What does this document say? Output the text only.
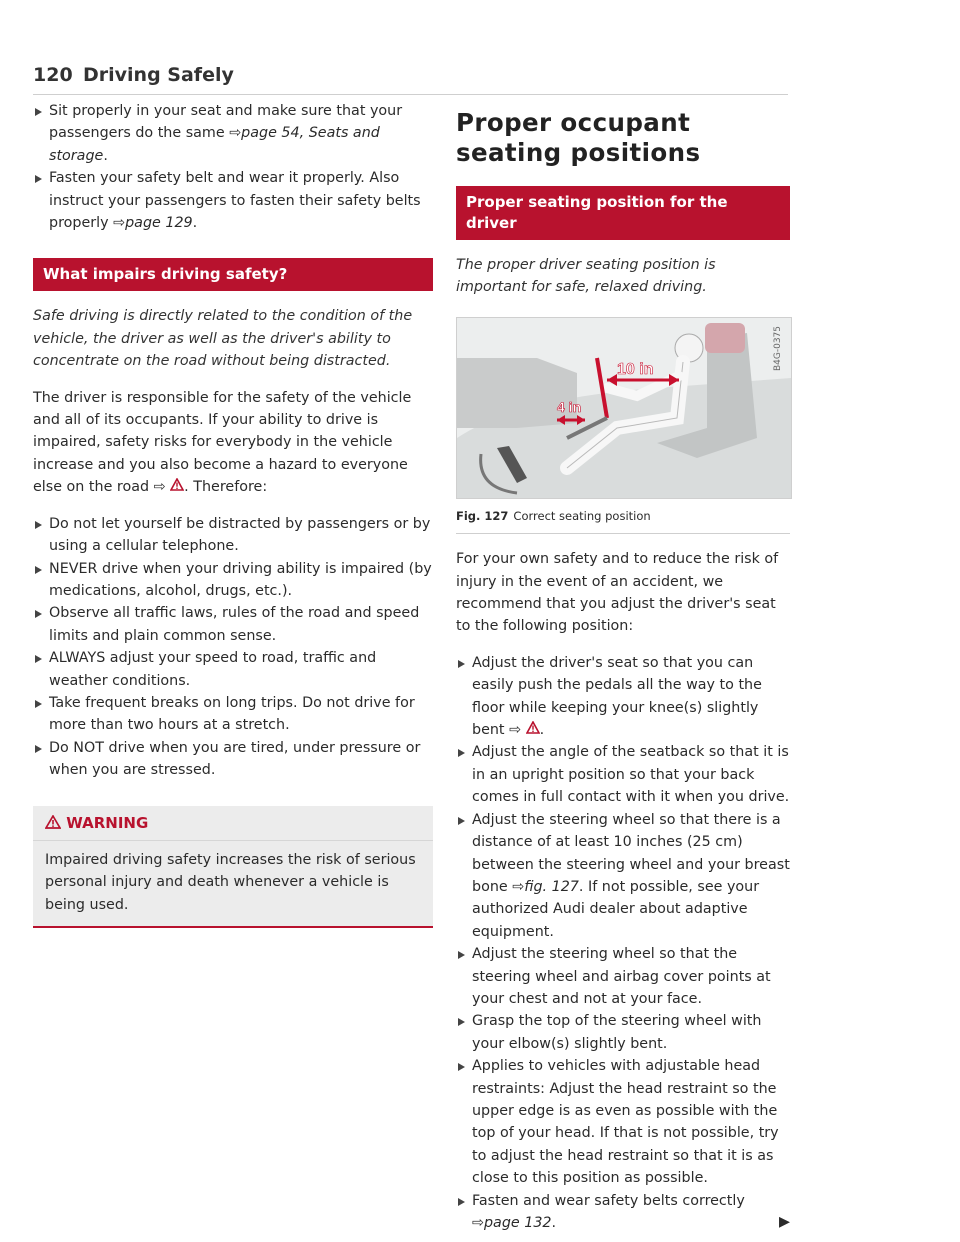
120 Driving Safely
Sit properly in your seat and make sure that your passengers do the same ⇨page 54, Seats and storage.
Fasten your safety belt and wear it properly. Also instruct your passengers to fasten their safety belts properly ⇨page 129.
What impairs driving safety?

Safe driving is directly related to the condition of the vehicle, the driver as well as the driver's ability to concentrate on the road without being distracted.

The driver is responsible for the safety of the vehicle and all of its occupants. If your ability to drive is impaired, safety risks for everybody in the vehicle increase and you also become a hazard to everyone else on the road ⇨ . Therefore:

Do not let yourself be distracted by passengers or by using a cellular telephone.
NEVER drive when your driving ability is impaired (by medications, alcohol, drugs, etc.).
Observe all traffic laws, rules of the road and speed limits and plain common sense.
ALWAYS adjust your speed to road, traffic and weather conditions.
Take frequent breaks on long trips. Do not drive for more than two hours at a stretch.
Do NOT drive when you are tired, under pressure or when you are stressed.
WARNING
Impaired driving safety increases the risk of serious personal injury and death whenever a vehicle is being used.
Proper occupant
seating positions
Proper seating position for the driver

The proper driver seating position is important for safe, relaxed driving.

10 in
4 in
B4G-0375
Fig. 127 Correct seating position

For your own safety and to reduce the risk of injury in the event of an accident, we recommend that you adjust the driver's seat to the following position:

Adjust the driver's seat so that you can easily push the pedals all the way to the floor while keeping your knee(s) slightly bent ⇨ .
Adjust the angle of the seatback so that it is in an upright position so that your back comes in full contact with it when you drive.
Adjust the steering wheel so that there is a distance of at least 10 inches (25 cm) between the steering wheel and your breast bone ⇨fig. 127. If not possible, see your authorized Audi dealer about adaptive equipment.
Adjust the steering wheel so that the steering wheel and airbag cover points at your chest and not at your face.
Grasp the top of the steering wheel with your elbow(s) slightly bent.
Applies to vehicles with adjustable head restraints: Adjust the head restraint so the upper edge is as even as possible with the top of your head. If that is not possible, try to adjust the head restraint so that it is as close to this position as possible.
Fasten and wear safety belts correctly ⇨page 132.	▶
